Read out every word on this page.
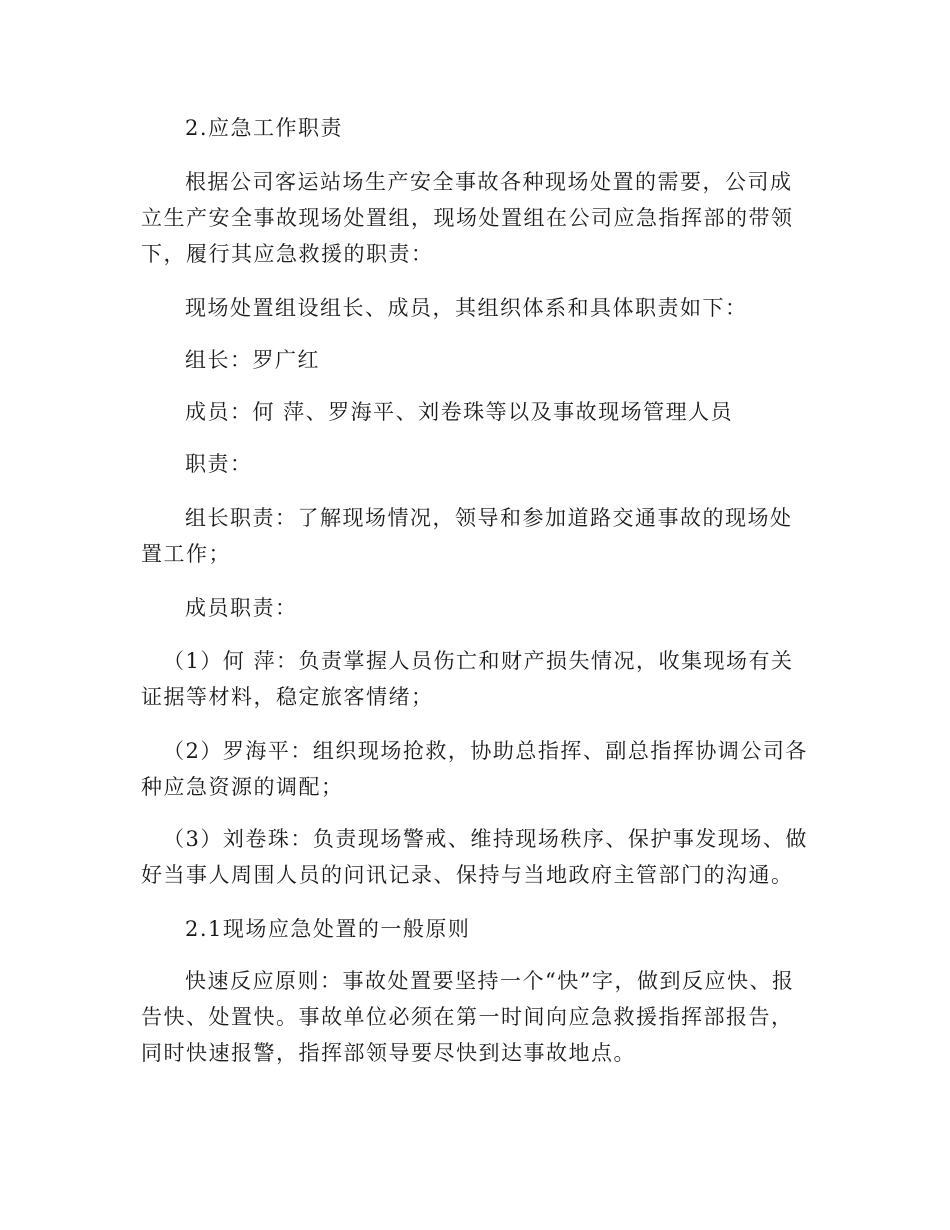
2.应急工作职责

根据公司客运站场生产安全事故各种现场处置的需要，公司成立生产安全事故现场处置组，现场处置组在公司应急指挥部的带领下，履行其应急救援的职责：

现场处置组设组长、成员，其组织体系和具体职责如下：

组长：罗广红

成员：何 萍、罗海平、刘卷珠等以及事故现场管理人员

职责：

组长职责：了解现场情况，领导和参加道路交通事故的现场处置工作；

成员职责：

（1）何 萍：负责掌握人员伤亡和财产损失情况，收集现场有关证据等材料，稳定旅客情绪；

（2）罗海平：组织现场抢救，协助总指挥、副总指挥协调公司各种应急资源的调配；

（3）刘卷珠：负责现场警戒、维持现场秩序、保护事发现场、做好当事人周围人员的问讯记录、保持与当地政府主管部门的沟通。

2.1现场应急处置的一般原则

快速反应原则：事故处置要坚持一个“快”字，做到反应快、报告快、处置快。事故单位必须在第一时间向应急救援指挥部报告，同时快速报警，指挥部领导要尽快到达事故地点。
